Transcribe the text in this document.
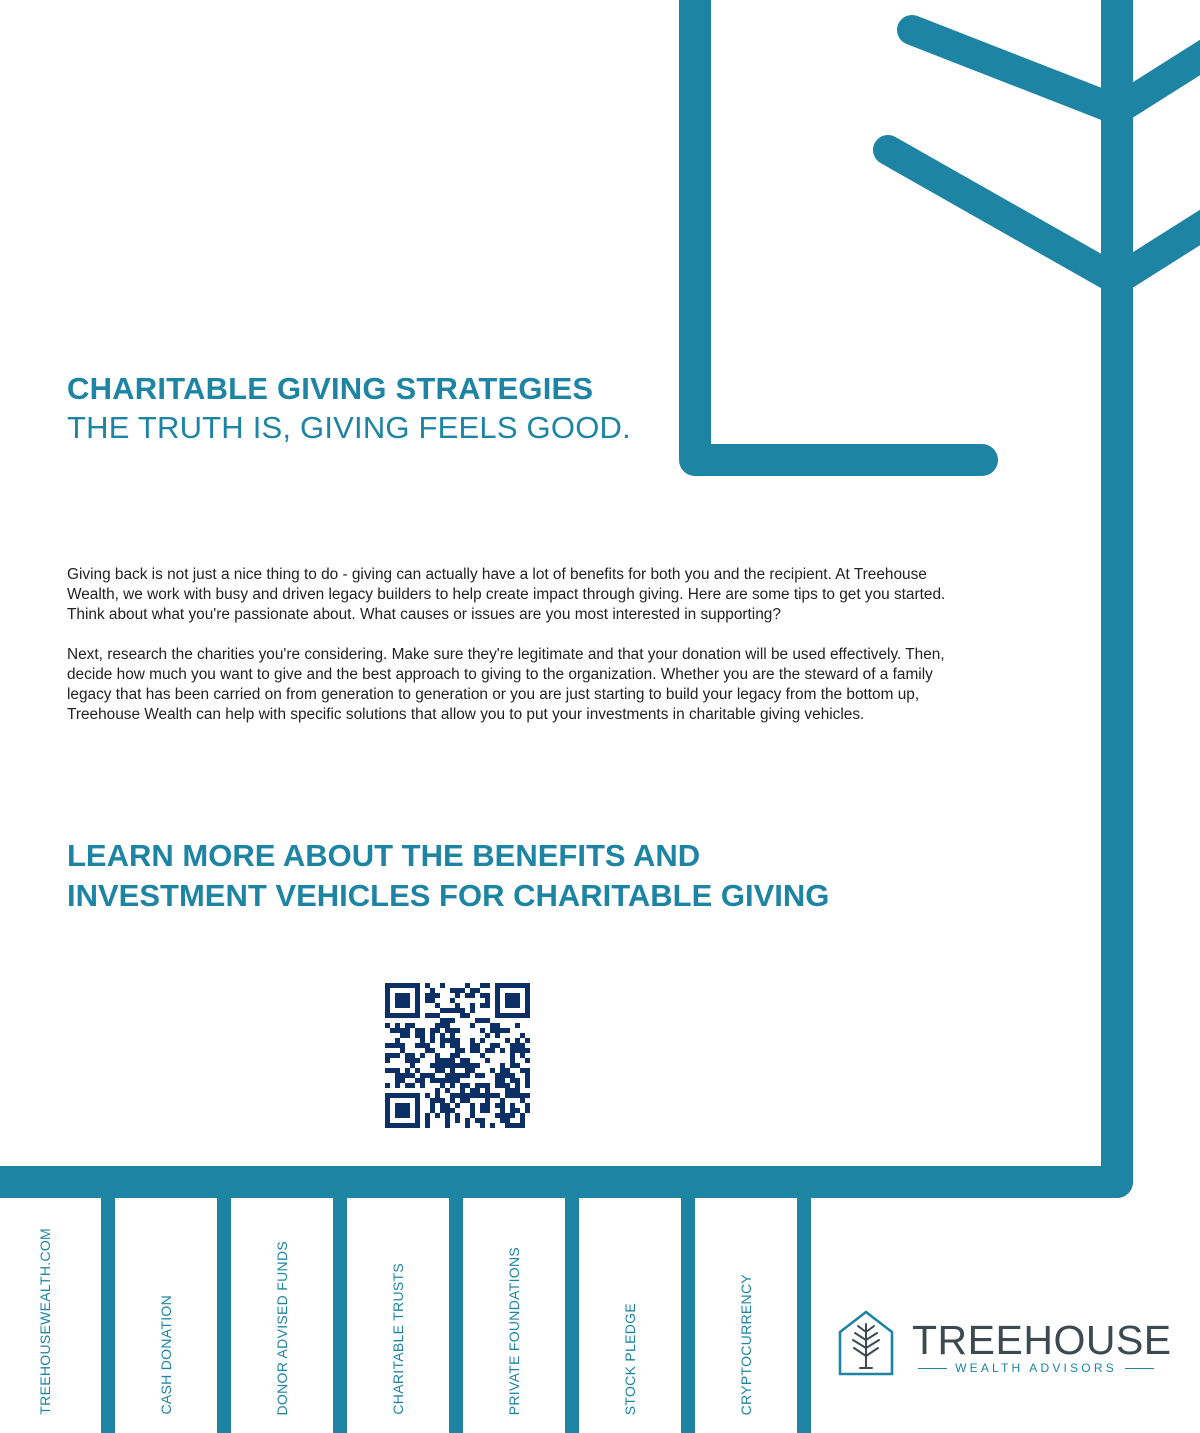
CHARITABLE GIVING STRATEGIES
THE TRUTH IS, GIVING FEELS GOOD.

Giving back is not just a nice thing to do - giving can actually have a lot of benefits for both you and the recipient. At Treehouse Wealth, we work with busy and driven legacy builders to help create impact through giving. Here are some tips to get you started. Think about what you're passionate about. What causes or issues are you most interested in supporting?

Next, research the charities you're considering. Make sure they're legitimate and that your donation will be used effectively. Then, decide how much you want to give and the best approach to giving to the organization. Whether you are the steward of a family legacy that has been carried on from generation to generation or you are just starting to build your legacy from the bottom up, Treehouse Wealth can help with specific solutions that allow you to put your investments in charitable giving vehicles.

LEARN MORE ABOUT THE BENEFITS AND
INVESTMENT VEHICLES FOR CHARITABLE GIVING
TREEHOUSEWEALTH.COM	CASH DONATION	DONOR ADVISED FUNDS	CHARITABLE TRUSTS	PRIVATE FOUNDATIONS	STOCK PLEDGE	CRYPTOCURRENCY	TREEHOUSE
WEALTH ADVISORS
